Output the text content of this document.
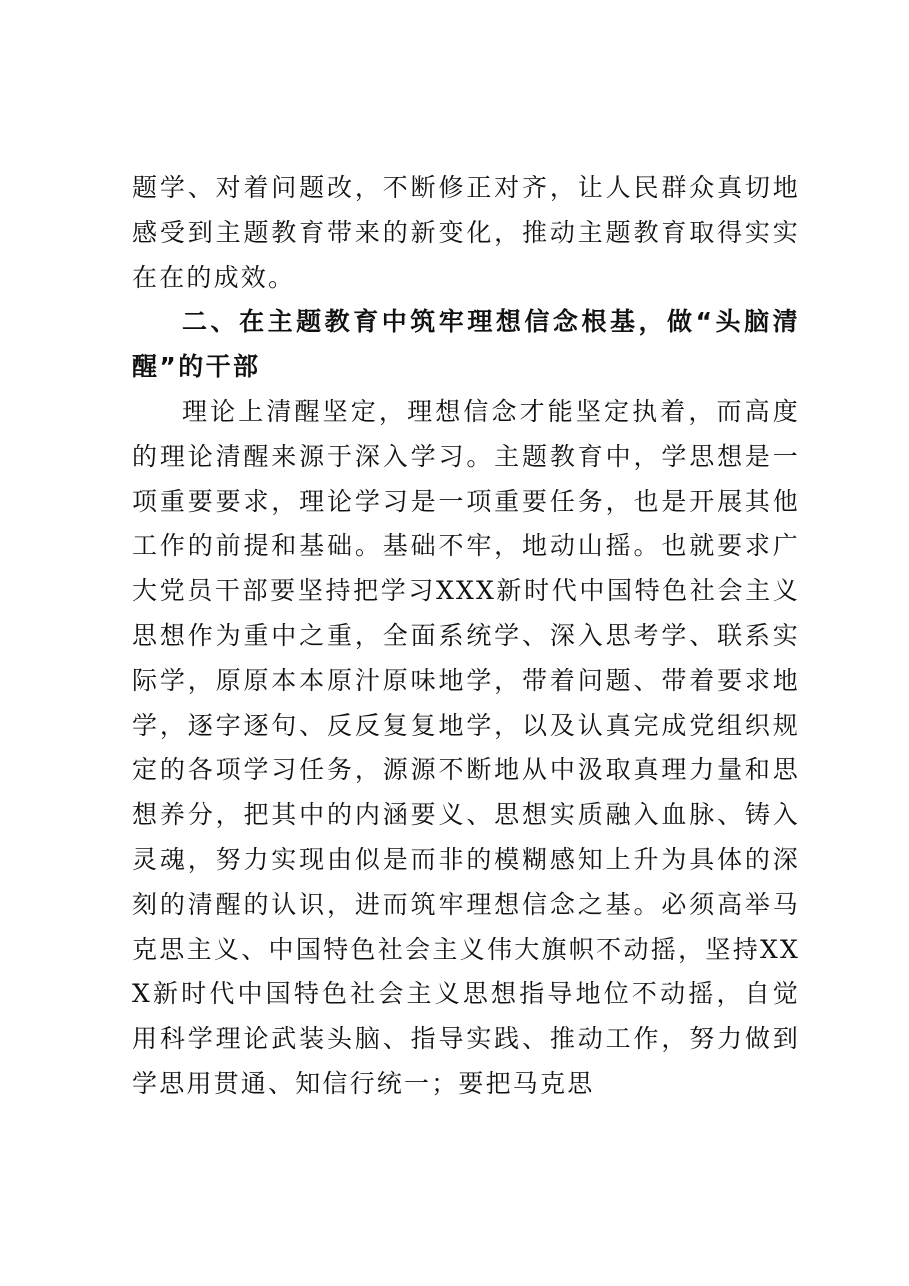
题学、对着问题改，不断修正对齐，让人民群众真切地感受到主题教育带来的新变化，推动主题教育取得实实在在的成效。

二、在主题教育中筑牢理想信念根基，做“头脑清醒”的干部

理论上清醒坚定，理想信念才能坚定执着，而高度的理论清醒来源于深入学习。主题教育中，学思想是一项重要要求，理论学习是一项重要任务，也是开展其他工作的前提和基础。基础不牢，地动山摇。也就要求广大党员干部要坚持把学习XXX新时代中国特色社会主义思想作为重中之重，全面系统学、深入思考学、联系实际学，原原本本原汁原味地学，带着问题、带着要求地学，逐字逐句、反反复复地学，以及认真完成党组织规定的各项学习任务，源源不断地从中汲取真理力量和思想养分，把其中的内涵要义、思想实质融入血脉、铸入灵魂，努力实现由似是而非的模糊感知上升为具体的深刻的清醒的认识，进而筑牢理想信念之基。必须高举马克思主义、中国特色社会主义伟大旗帜不动摇，坚持XXX新时代中国特色社会主义思想指导地位不动摇，自觉用科学理论武装头脑、指导实践、推动工作，努力做到学思用贯通、知信行统一；要把马克思
